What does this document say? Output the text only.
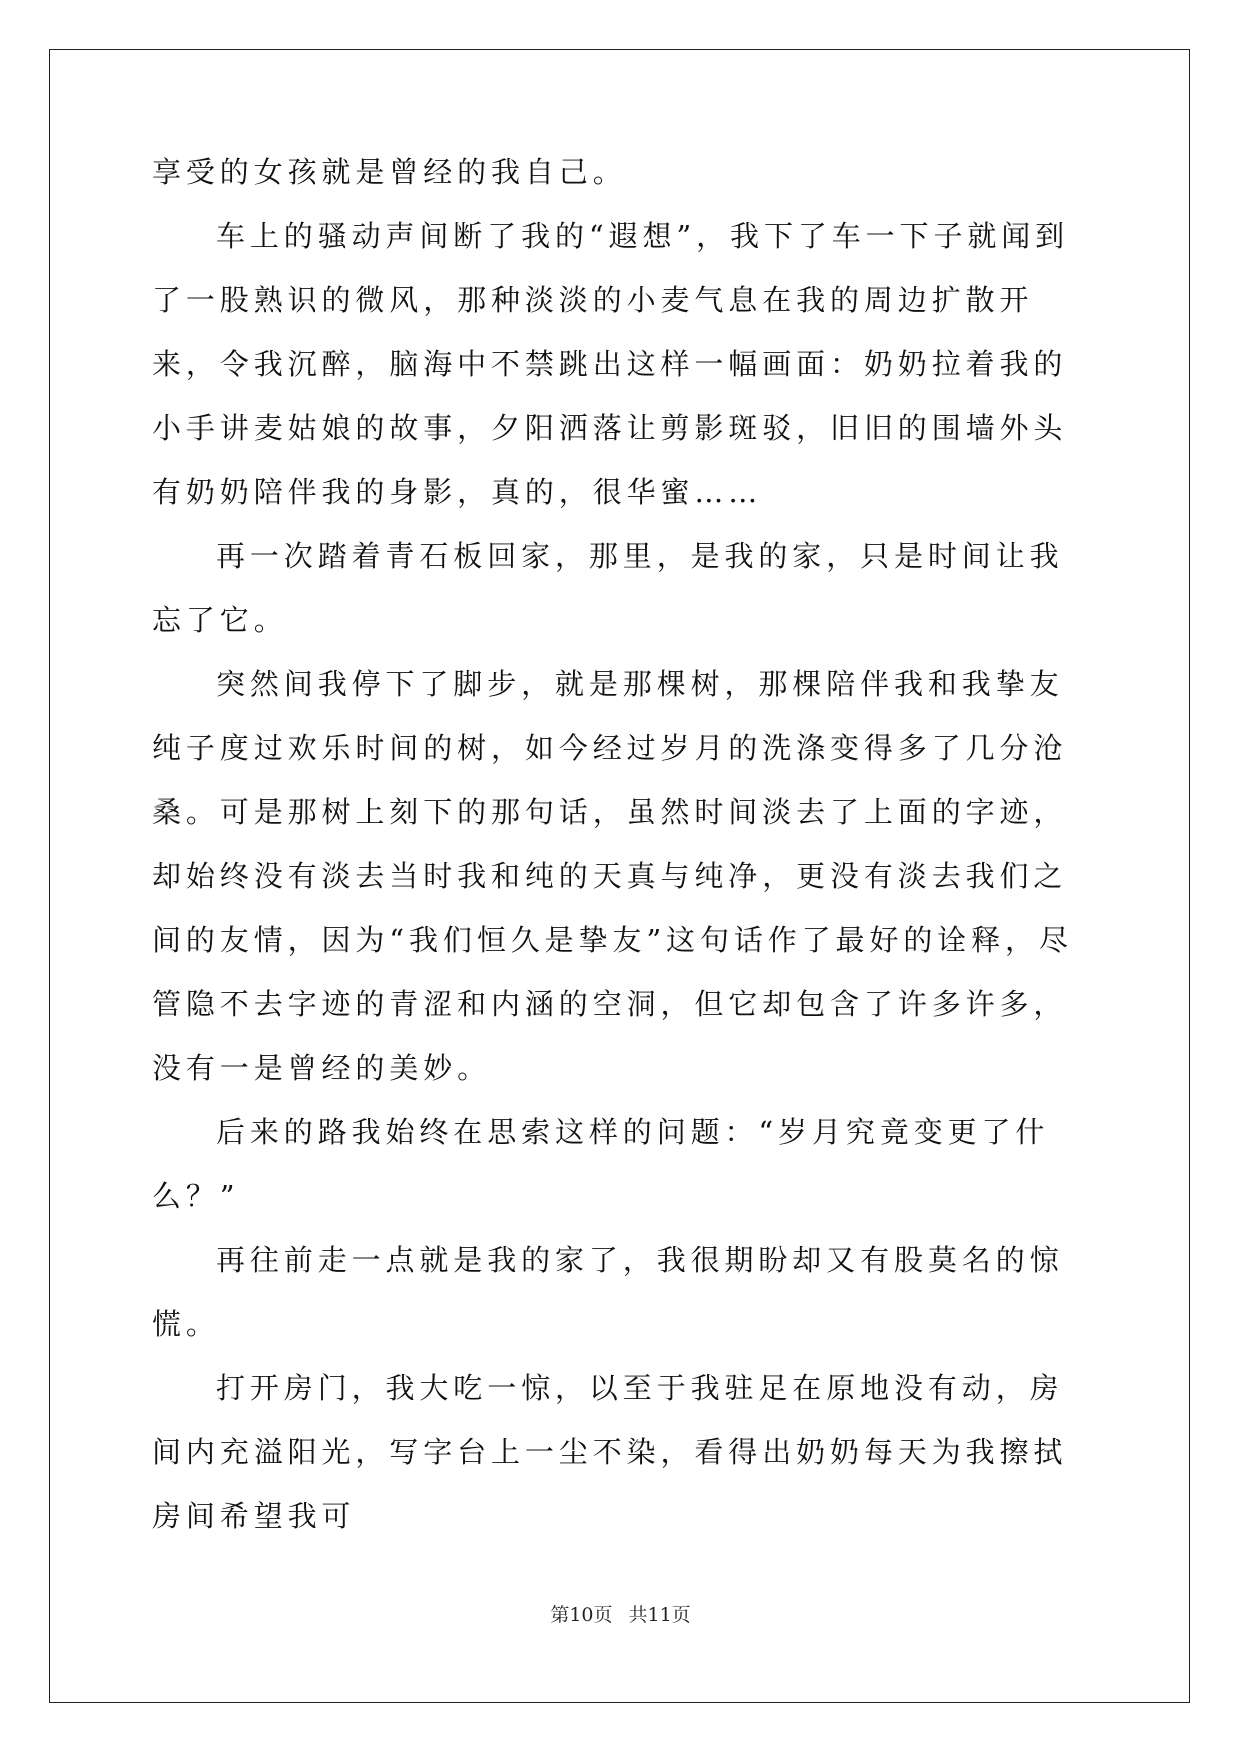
享受的女孩就是曾经的我自己。

车上的骚动声间断了我的“遐想”，我下了车一下子就闻到了一股熟识的微风，那种淡淡的小麦气息在我的周边扩散开来，令我沉醉，脑海中不禁跳出这样一幅画面：奶奶拉着我的小手讲麦姑娘的故事，夕阳洒落让剪影斑驳，旧旧的围墙外头有奶奶陪伴我的身影，真的，很华蜜……

再一次踏着青石板回家，那里，是我的家，只是时间让我忘了它。

突然间我停下了脚步，就是那棵树，那棵陪伴我和我挚友纯子度过欢乐时间的树，如今经过岁月的洗涤变得多了几分沧桑。可是那树上刻下的那句话，虽然时间淡去了上面的字迹，却始终没有淡去当时我和纯的天真与纯净，更没有淡去我们之间的友情，因为“我们恒久是挚友”这句话作了最好的诠释，尽管隐不去字迹的青涩和内涵的空洞，但它却包含了许多许多，没有一是曾经的美妙。

后来的路我始终在思索这样的问题：“岁月究竟变更了什么？”

再往前走一点就是我的家了，我很期盼却又有股莫名的惊慌。

打开房门，我大吃一惊，以至于我驻足在原地没有动，房间内充溢阳光，写字台上一尘不染，看得出奶奶每天为我擦拭房间希望我可

第10页 共11页
